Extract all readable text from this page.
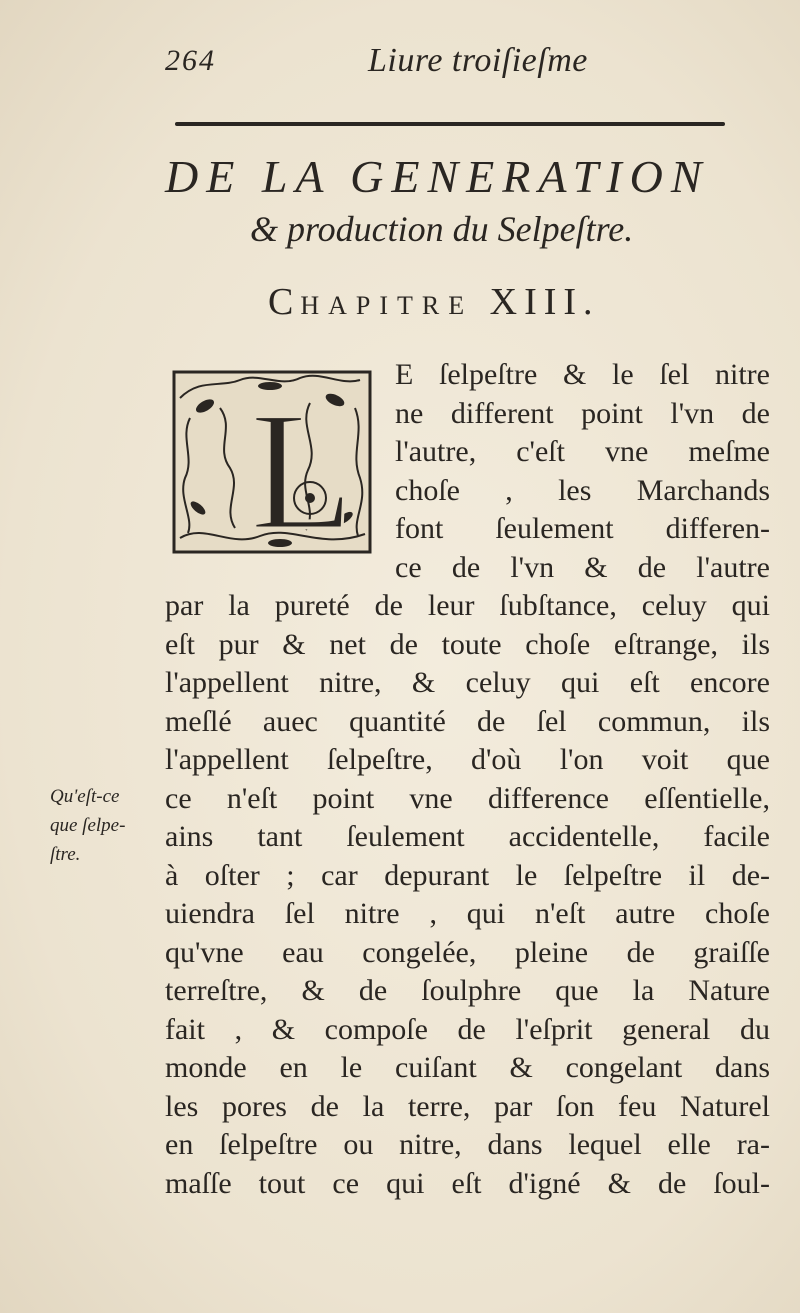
264	Liure troiſieſme
DE LA GENERATION
& production du Selpeſtre.
CHAPITRE XIII.
L
E ſelpeſtre & le ſel nitre
ne different point l'vn de
l'autre, c'eſt vne meſme
choſe , les Marchands
font ſeulement differen-
ce de l'vn & de l'autre
par la pureté de leur ſubſtance, celuy qui
eſt pur & net de toute choſe eſtrange, ils
l'appellent nitre, & celuy qui eſt encore
meſlé auec quantité de ſel commun, ils
l'appellent ſelpeſtre, d'où l'on voit que
ce n'eſt point vne difference eſſentielle,
ains tant ſeulement accidentelle, facile
à oſter ; car depurant le ſelpeſtre il de-
uiendra ſel nitre , qui n'eſt autre choſe
qu'vne eau congelée, pleine de graiſſe
terreſtre, & de ſoulphre que la Nature
fait , & compoſe de l'eſprit general du
monde en le cuiſant & congelant dans
les pores de la terre, par ſon feu Naturel
en ſelpeſtre ou nitre, dans lequel elle ra-
maſſe tout ce qui eſt d'igné & de ſoul-
Qu'eſt-ce
que ſelpe-
ſtre.
